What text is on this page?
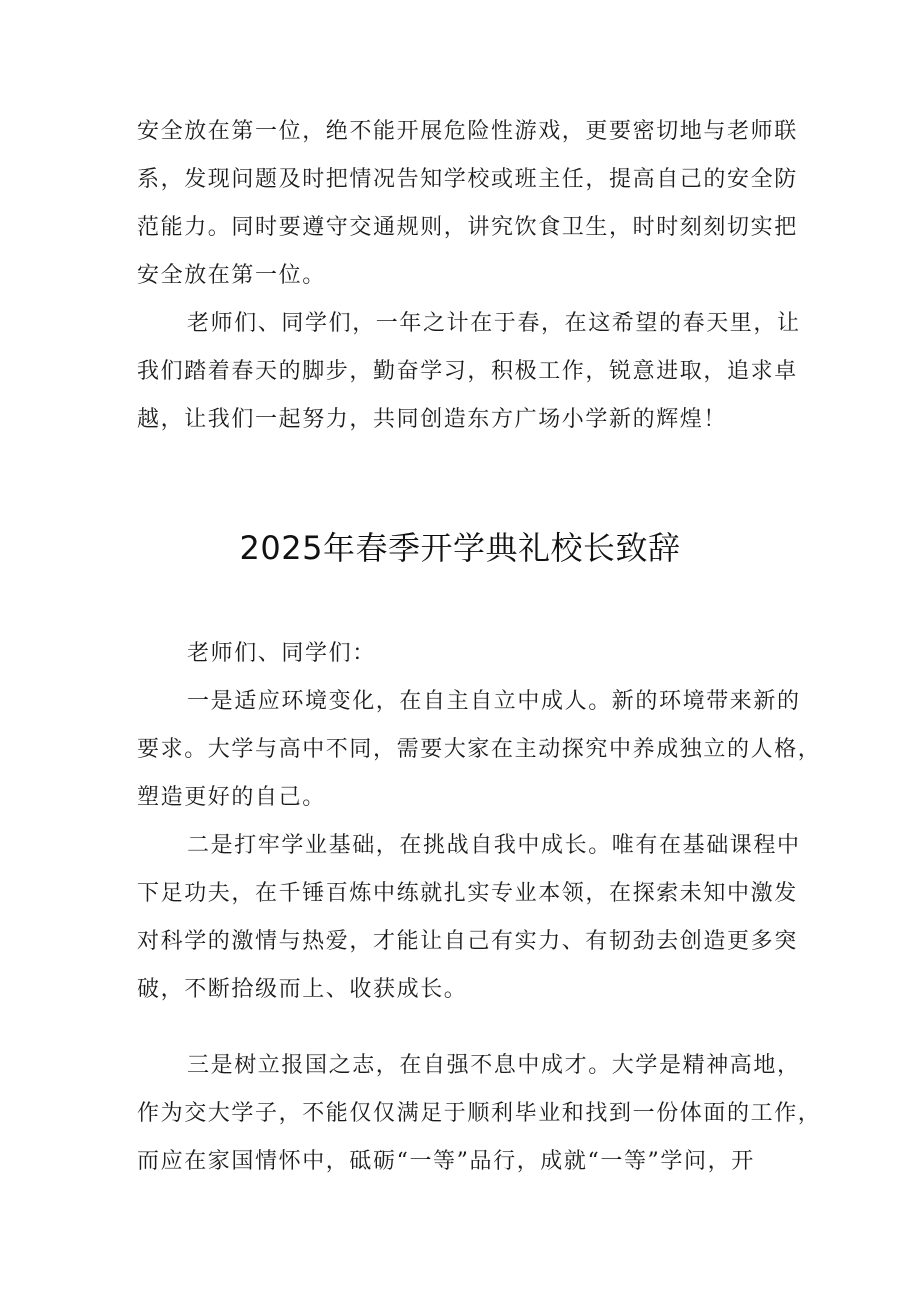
安全放在第一位，绝不能开展危险性游戏，更要密切地与老师联
系，发现问题及时把情况告知学校或班主任，提高自己的安全防
范能力。同时要遵守交通规则，讲究饮食卫生，时时刻刻切实把
安全放在第一位。
老师们、同学们，一年之计在于春，在这希望的春天里，让
我们踏着春天的脚步，勤奋学习，积极工作，锐意进取，追求卓
越，让我们一起努力，共同创造东方广场小学新的辉煌！
2025年春季开学典礼校长致辞
老师们、同学们：
一是适应环境变化，在自主自立中成人。新的环境带来新的
要求。大学与高中不同，需要大家在主动探究中养成独立的人格，
塑造更好的自己。
二是打牢学业基础，在挑战自我中成长。唯有在基础课程中
下足功夫，在千锤百炼中练就扎实专业本领，在探索未知中激发
对科学的激情与热爱，才能让自己有实力、有韧劲去创造更多突
破，不断拾级而上、收获成长。
三是树立报国之志，在自强不息中成才。大学是精神高地，
作为交大学子，不能仅仅满足于顺利毕业和找到一份体面的工作，
而应在家国情怀中，砥砺“一等”品行，成就“一等”学问，开
